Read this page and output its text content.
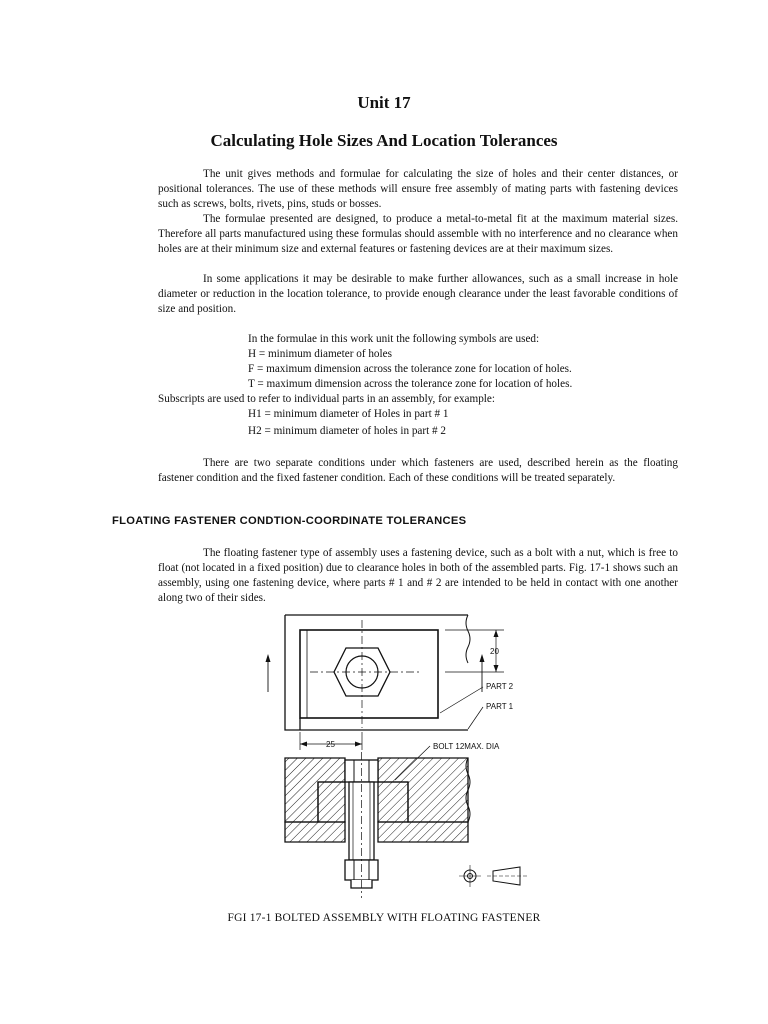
Unit 17
Calculating Hole Sizes And Location Tolerances

The unit gives methods and formulae for calculating the size of holes and their center distances, or positional tolerances. The use of these methods will ensure free assembly of mating parts with fastening devices such as screws, bolts, rivets, pins, studs or bosses.

The formulae presented are designed, to produce a metal-to-metal fit at the maximum material sizes. Therefore all parts manufactured using these formulas should assemble with no interference and no clearance when holes are at their minimum size and external features or fastening devices are at their maximum sizes.

In some applications it may be desirable to make further allowances, such as a small increase in hole diameter or reduction in the location tolerance, to provide enough clearance under the least favorable conditions of size and position.

In the formulae in this work unit the following symbols are used:

H = minimum diameter of holes

F = maximum dimension across the tolerance zone for location of holes.

T = maximum dimension across the tolerance zone for location of holes.

Subscripts are used to refer to individual parts in an assembly, for example:

H1 = minimum diameter of Holes in part # 1

H2 = minimum diameter of holes in part # 2

There are two separate conditions under which fasteners are used, described herein as the floating fastener condition and the fixed fastener condition. Each of these conditions will be treated separately.

FLOATING FASTENER CONDTION-COORDINATE TOLERANCES

The floating fastener type of assembly uses a fastening device, such as a bolt with a nut, which is free to float (not located in a fixed position) due to clearance holes in both of the assembled parts. Fig. 17-1 shows such an assembly, using one fastening device, where parts # 1 and # 2 are intended to be held in contact with one another along two of their sides.

20
PART 2
PART 1
25	BOLT 12MAX. DIA
FGI 17-1 BOLTED ASSEMBLY WITH FLOATING FASTENER
